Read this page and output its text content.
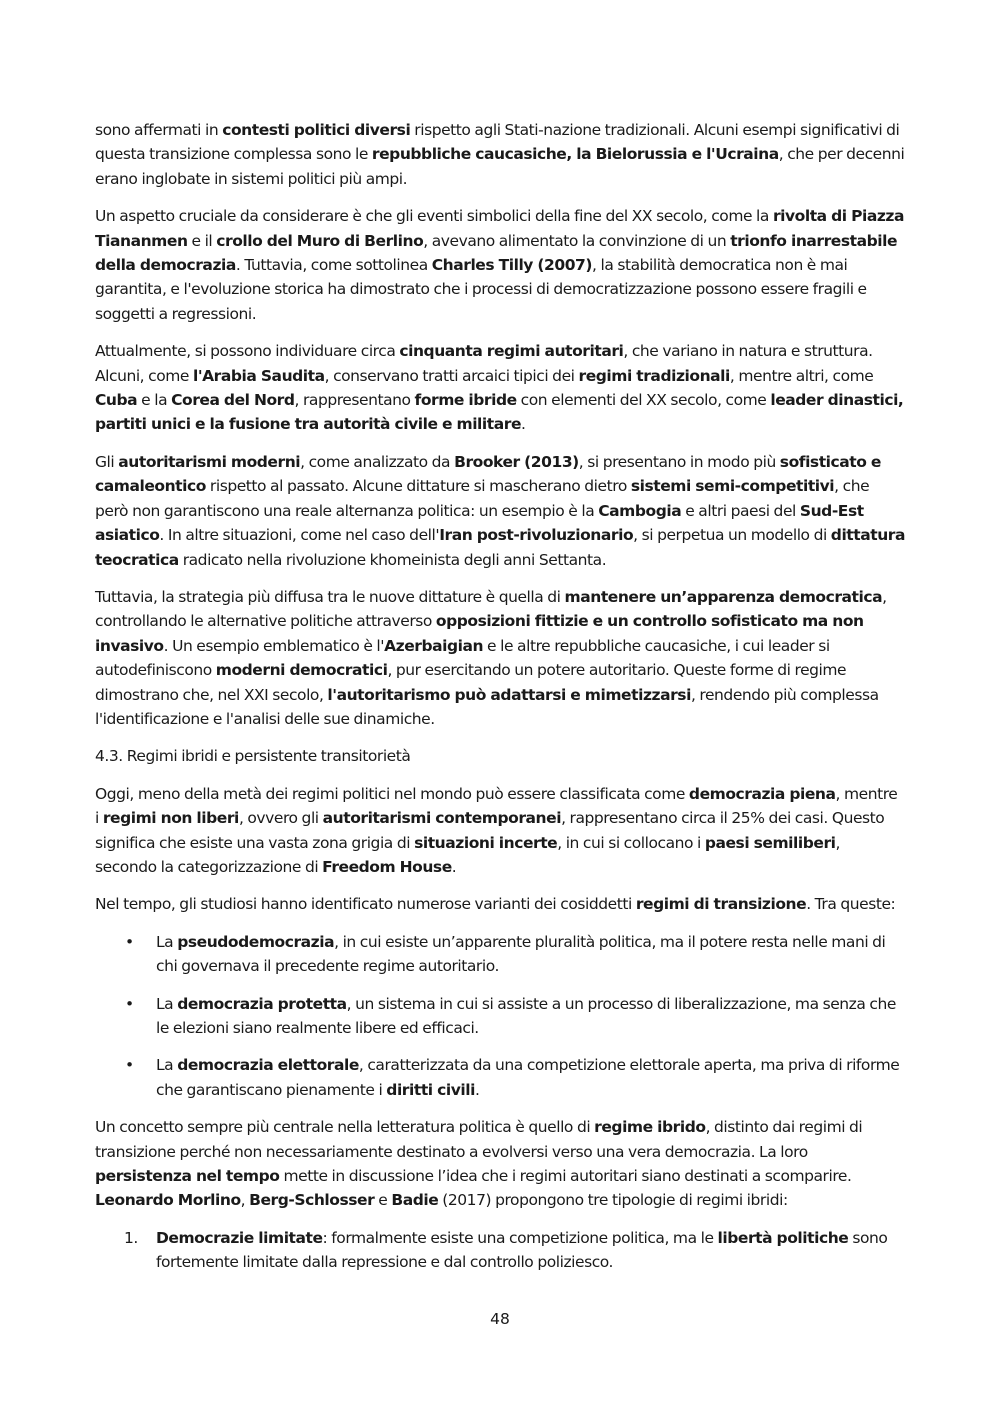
sono affermati in contesti politici diversi rispetto agli Stati-nazione tradizionali. Alcuni esempi significativi di questa transizione complessa sono le repubbliche caucasiche, la Bielorussia e l'Ucraina, che per decenni erano inglobate in sistemi politici più ampi.

Un aspetto cruciale da considerare è che gli eventi simbolici della fine del XX secolo, come la rivolta di Piazza Tiananmen e il crollo del Muro di Berlino, avevano alimentato la convinzione di un trionfo inarrestabile della democrazia. Tuttavia, come sottolinea Charles Tilly (2007), la stabilità democratica non è mai garantita, e l'evoluzione storica ha dimostrato che i processi di democratizzazione possono essere fragili e soggetti a regressioni.

Attualmente, si possono individuare circa cinquanta regimi autoritari, che variano in natura e struttura. Alcuni, come l'Arabia Saudita, conservano tratti arcaici tipici dei regimi tradizionali, mentre altri, come Cuba e la Corea del Nord, rappresentano forme ibride con elementi del XX secolo, come leader dinastici, partiti unici e la fusione tra autorità civile e militare.

Gli autoritarismi moderni, come analizzato da Brooker (2013), si presentano in modo più sofisticato e camaleontico rispetto al passato. Alcune dittature si mascherano dietro sistemi semi-competitivi, che però non garantiscono una reale alternanza politica: un esempio è la Cambogia e altri paesi del Sud-Est asiatico. In altre situazioni, come nel caso dell'Iran post-rivoluzionario, si perpetua un modello di dittatura teocratica radicato nella rivoluzione khomeinista degli anni Settanta.

Tuttavia, la strategia più diffusa tra le nuove dittature è quella di mantenere un’apparenza democratica, controllando le alternative politiche attraverso opposizioni fittizie e un controllo sofisticato ma non invasivo. Un esempio emblematico è l'Azerbaigian e le altre repubbliche caucasiche, i cui leader si autodefiniscono moderni democratici, pur esercitando un potere autoritario. Queste forme di regime dimostrano che, nel XXI secolo, l'autoritarismo può adattarsi e mimetizzarsi, rendendo più complessa l'identificazione e l'analisi delle sue dinamiche.

4.3. Regimi ibridi e persistente transitorietà

Oggi, meno della metà dei regimi politici nel mondo può essere classificata come democrazia piena, mentre i regimi non liberi, ovvero gli autoritarismi contemporanei, rappresentano circa il 25% dei casi. Questo significa che esiste una vasta zona grigia di situazioni incerte, in cui si collocano i paesi semiliberi, secondo la categorizzazione di Freedom House.

Nel tempo, gli studiosi hanno identificato numerose varianti dei cosiddetti regimi di transizione. Tra queste:

• La pseudodemocrazia, in cui esiste un’apparente pluralità politica, ma il potere resta nelle mani di chi governava il precedente regime autoritario.
• La democrazia protetta, un sistema in cui si assiste a un processo di liberalizzazione, ma senza che le elezioni siano realmente libere ed efficaci.
• La democrazia elettorale, caratterizzata da una competizione elettorale aperta, ma priva di riforme che garantiscano pienamente i diritti civili.

Un concetto sempre più centrale nella letteratura politica è quello di regime ibrido, distinto dai regimi di transizione perché non necessariamente destinato a evolversi verso una vera democrazia. La loro persistenza nel tempo mette in discussione l’idea che i regimi autoritari siano destinati a scomparire. Leonardo Morlino, Berg-Schlosser e Badie (2017) propongono tre tipologie di regimi ibridi:

1. Democrazie limitate: formalmente esiste una competizione politica, ma le libertà politiche sono fortemente limitate dalla repressione e dal controllo poliziesco.
48
